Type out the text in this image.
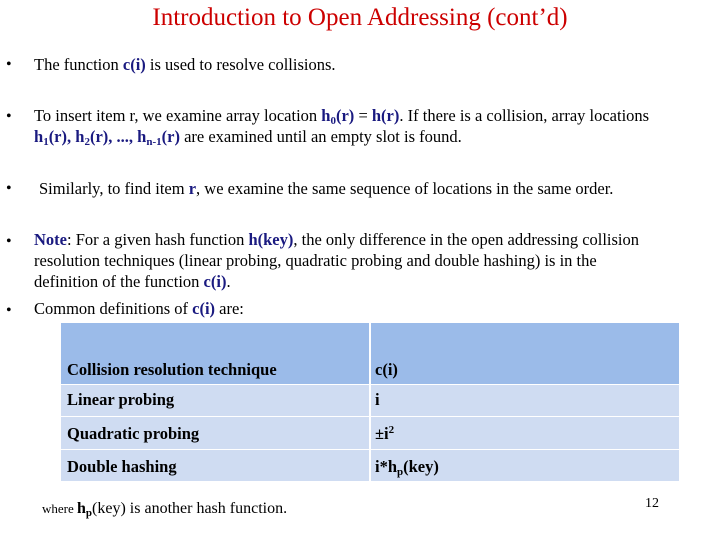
Introduction to Open Addressing (cont’d)
• The function c(i) is used to resolve collisions.
• To insert item r, we examine array location $h_0(r) = h(r)$. If there is a collision, array locations
$h_1(r)$, $h_2(r)$, ..., $h_{n-1}(r)$ are examined until an empty slot is found.
• Similarly, to find item r, we examine the same sequence of locations in the same order.
• Note: For a given hash function h(key), the only difference in the open addressing collision
resolution techniques (linear probing, quadratic probing and double hashing) is in the
definition of the function c(i).
• Common definitions of c(i) are:
Collision resolution technique	c(i)
Linear probing	i
Quadratic probing	$\pm i^2$
Double hashing	$i*h_p(key)$
where $h_p(key)$ is another hash function.	12
